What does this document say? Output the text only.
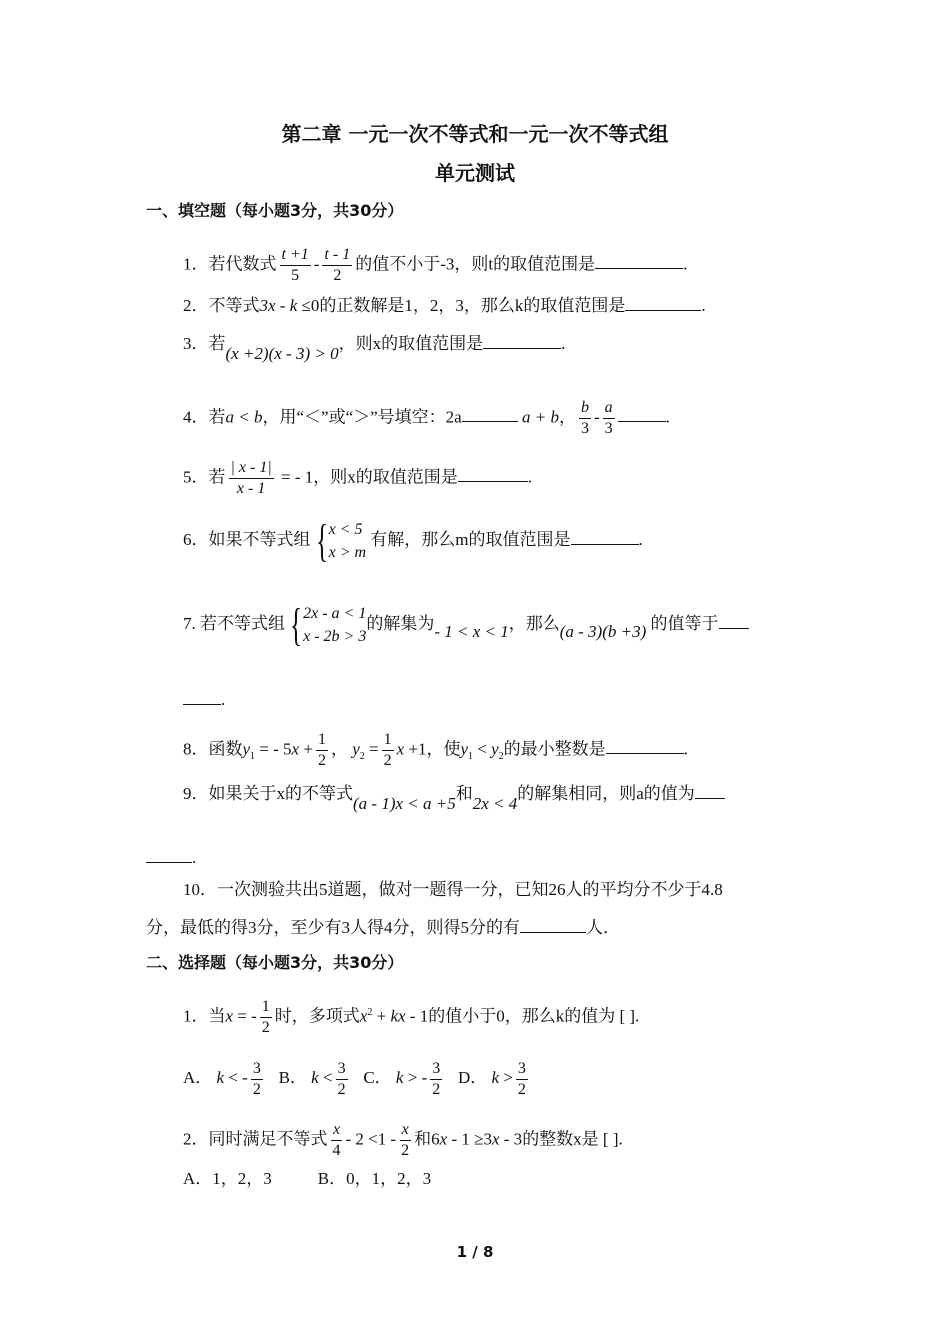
第二章 一元一次不等式和一元一次不等式组
单元测试
一、填空题（每小题3分，共30分）
1．若代数式 $\frac{t +1}{5} - \frac{t - 1}{2}$ 的值不小于-3，则t的取值范围是	.
2．不等式3x - k ≤0的正数解是1，2，3，那么k的取值范围是	.
3．若(x +2)(x - 3) > 0，则x的取值范围是	.
4．若a < b，用“＜”或“＞”号填空：2a	a + b， $\frac{b}{3} - \frac{a}{3}$	.
5．若 $\frac{| x - 1|}{x - 1}$ = - 1，则x的取值范围是	.
6．如果不等式组 { x < 5
x > m
有解，那么m的取值范围是	.
7. 若不等式组 { 2x - a < 1
x - 2b > 3
的解集为- 1 < x < 1，那么(a - 3)(b +3) 的值等于
.
8．函数$y_1$ = - $5x + \frac{1}{2}$ ， $y_2 = \frac{1}{2}$ x +1，使$y_1 < y_2$的最小整数是	.
9．如果关于x的不等式(a - 1)x < a +5和2x < 4的解集相同，则a的值为
.
10．一次测验共出5道题，做对一题得一分，已知26人的平均分不少于4.8
分，最低的得3分，至少有3人得4分，则得5分的有	人．
二、选择题（每小题3分，共30分）
1．当x = - $\frac{1}{2}$ 时，多项式$x^2$ + kx - 1的值小于0，那么k的值为 [ ].
A． k < - $\frac{3}{2}$ B． $k < \frac{3}{2}$ C． k > - $\frac{3}{2}$ D． $k > \frac{3}{2}$
2．同时满足不等式 $\frac{x}{4} - 2 <1 - \frac{x}{2}$ 和6x - 1 ≥3x - 3的整数x是 [ ].
A．1，2，3	B．0，1，2，3
1 / 8
